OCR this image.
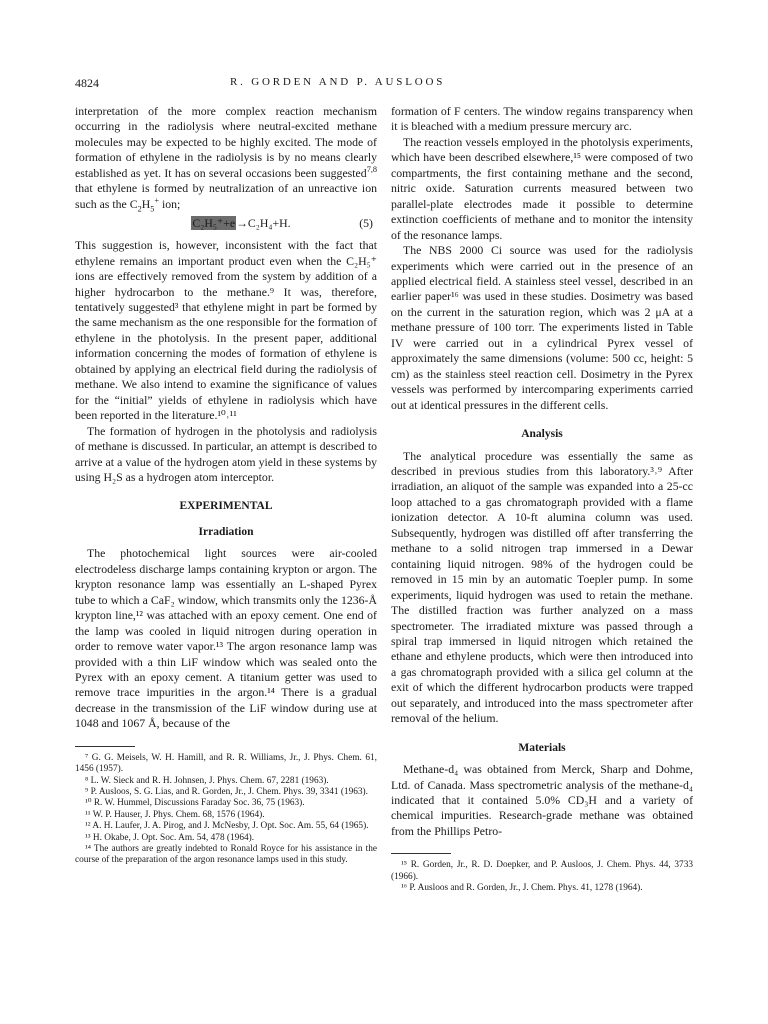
4824	R. GORDEN AND P. AUSLOOS

interpretation of the more complex reaction mechanism occurring in the radiolysis where neutral-excited methane molecules may be expected to be highly excited. The mode of formation of ethylene in the radiolysis is by no means clearly established as yet. It has on several occasions been suggested$^{7,8}$ that ethylene is formed by neutralization of an unreactive ion such as the $C_2H_5^+$ ion;

C₂H₅⁺+e→C₂H₄+H.	(5)

This suggestion is, however, inconsistent with the fact that ethylene remains an important product even when the C₂H₅⁺ ions are effectively removed from the system by addition of a higher hydrocarbon to the methane.⁹ It was, therefore, tentatively suggested³ that ethylene might in part be formed by the same mechanism as the one responsible for the formation of ethylene in the photolysis. In the present paper, additional information concerning the modes of formation of ethylene is obtained by applying an electrical field during the radiolysis of methane. We also intend to examine the significance of values for the “initial” yields of ethylene in radiolysis which have been reported in the literature.¹⁰˒¹¹

The formation of hydrogen in the photolysis and radiolysis of methane is discussed. In particular, an attempt is described to arrive at a value of the hydrogen atom yield in these systems by using H₂S as a hydrogen atom interceptor.

EXPERIMENTAL
Irradiation

The photochemical light sources were air-cooled electrodeless discharge lamps containing krypton or argon. The krypton resonance lamp was essentially an L-shaped Pyrex tube to which a CaF₂ window, which transmits only the 1236-Å krypton line,¹² was attached with an epoxy cement. One end of the lamp was cooled in liquid nitrogen during operation in order to remove water vapor.¹³ The argon resonance lamp was provided with a thin LiF window which was sealed onto the Pyrex with an epoxy cement. A titanium getter was used to remove trace impurities in the argon.¹⁴ There is a gradual decrease in the transmission of the LiF window during use at 1048 and 1067 Å, because of the

⁷ G. G. Meisels, W. H. Hamill, and R. R. Williams, Jr., J. Phys. Chem. 61, 1456 (1957).

⁸ L. W. Sieck and R. H. Johnsen, J. Phys. Chem. 67, 2281 (1963).

⁹ P. Ausloos, S. G. Lias, and R. Gorden, Jr., J. Chem. Phys. 39, 3341 (1963).

¹⁰ R. W. Hummel, Discussions Faraday Soc. 36, 75 (1963).

¹¹ W. P. Hauser, J. Phys. Chem. 68, 1576 (1964).

¹² A. H. Laufer, J. A. Pirog, and J. McNesby, J. Opt. Soc. Am. 55, 64 (1965).

¹³ H. Okabe, J. Opt. Soc. Am. 54, 478 (1964).

¹⁴ The authors are greatly indebted to Ronald Royce for his assistance in the course of the preparation of the argon resonance lamps used in this study.

formation of F centers. The window regains transparency when it is bleached with a medium pressure mercury arc.

The reaction vessels employed in the photolysis experiments, which have been described elsewhere,¹⁵ were composed of two compartments, the first containing methane and the second, nitric oxide. Saturation currents measured between two parallel-plate electrodes made it possible to determine extinction coefficients of methane and to monitor the intensity of the resonance lamps.

The NBS 2000 Ci source was used for the radiolysis experiments which were carried out in the presence of an applied electrical field. A stainless steel vessel, described in an earlier paper¹⁶ was used in these studies. Dosimetry was based on the current in the saturation region, which was 2 μA at a methane pressure of 100 torr. The experiments listed in Table IV were carried out in a cylindrical Pyrex vessel of approximately the same dimensions (volume: 500 cc, height: 5 cm) as the stainless steel reaction cell. Dosimetry in the Pyrex vessels was performed by intercomparing experiments carried out at identical pressures in the different cells.

Analysis

The analytical procedure was essentially the same as described in previous studies from this laboratory.³˒⁹ After irradiation, an aliquot of the sample was expanded into a 25-cc loop attached to a gas chromatograph provided with a flame ionization detector. A 10-ft alumina column was used. Subsequently, hydrogen was distilled off after transferring the methane to a solid nitrogen trap immersed in a Dewar containing liquid nitrogen. 98% of the hydrogen could be removed in 15 min by an automatic Toepler pump. In some experiments, liquid hydrogen was used to retain the methane. The distilled fraction was further analyzed on a mass spectrometer. The irradiated mixture was passed through a spiral trap immersed in liquid nitrogen which retained the ethane and ethylene products, which were then introduced into a gas chromatograph provided with a silica gel column at the exit of which the different hydrocarbon products were trapped out separately, and introduced into the mass spectrometer after removal of the helium.

Materials

Methane-d₄ was obtained from Merck, Sharp and Dohme, Ltd. of Canada. Mass spectrometric analysis of the methane-d₄ indicated that it contained 5.0% CD₃H and a variety of chemical impurities. Research-grade methane was obtained from the Phillips Petro-

¹⁵ R. Gorden, Jr., R. D. Doepker, and P. Ausloos, J. Chem. Phys. 44, 3733 (1966).

¹⁶ P. Ausloos and R. Gorden, Jr., J. Chem. Phys. 41, 1278 (1964).
